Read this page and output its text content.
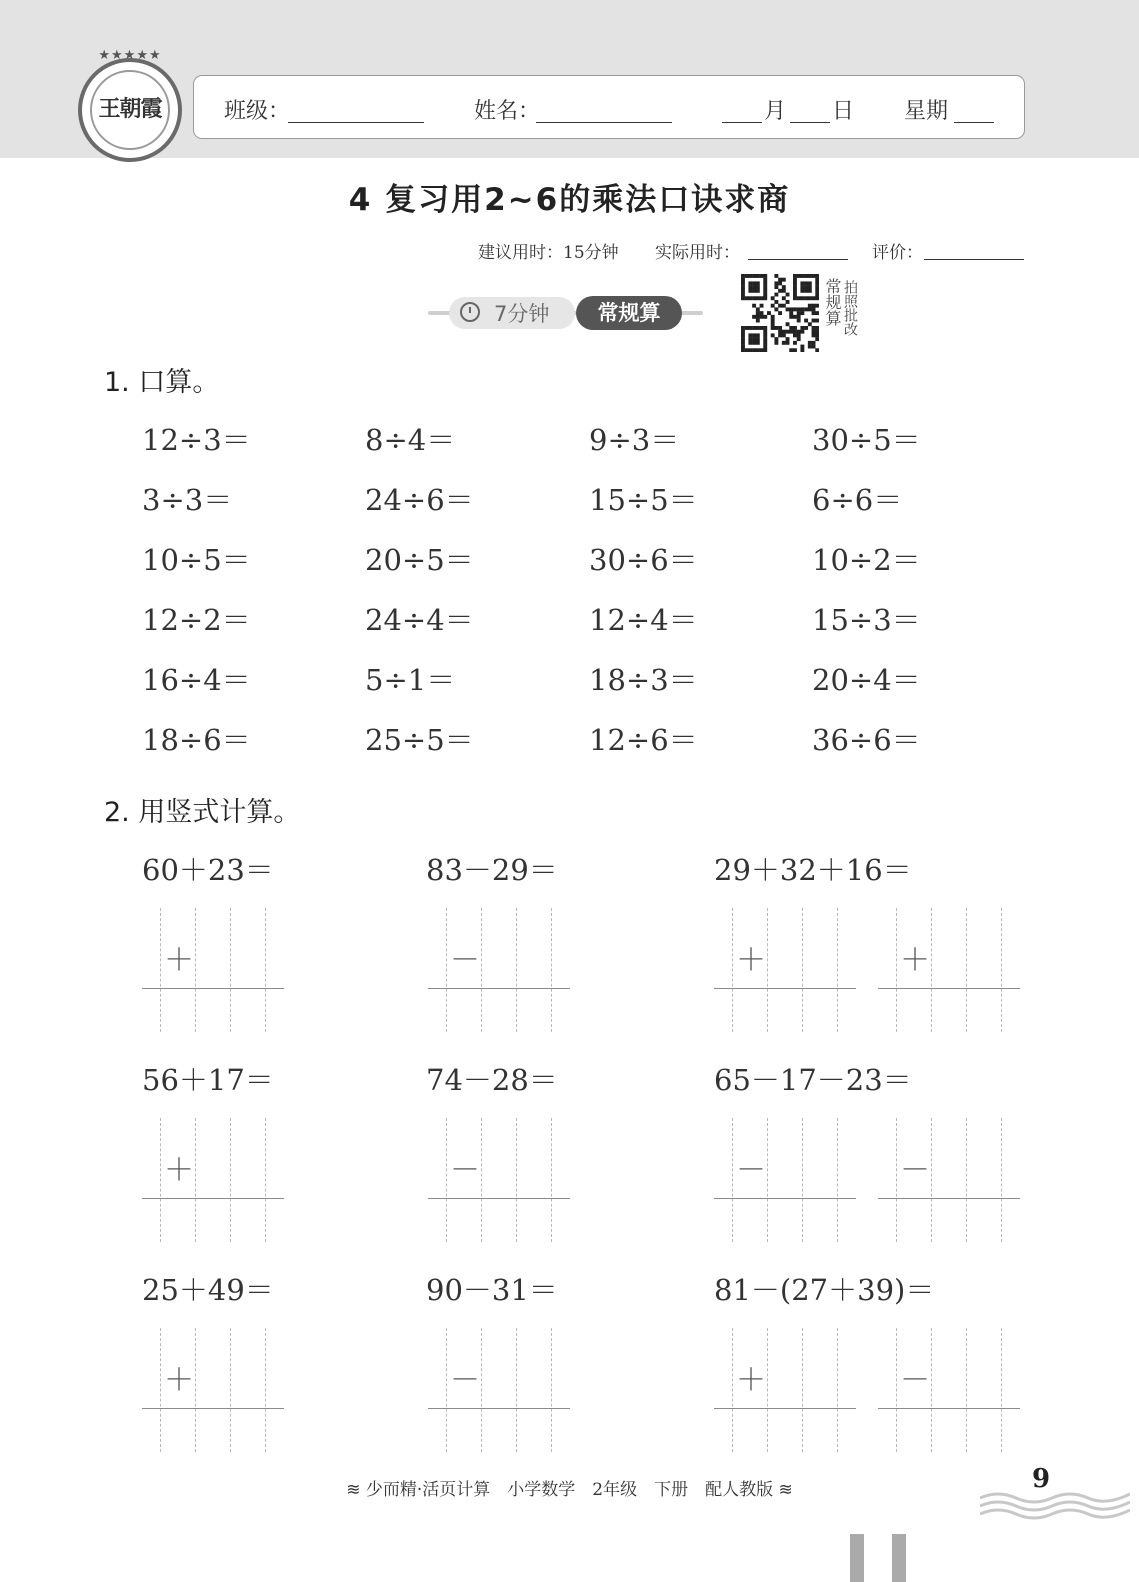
★★★★★
王朝霞	班级：	姓名：	月 日 星期
4 复习用2~6的乘法口诀求商
建议用时：15分钟 实际用时：	评价：
7分钟	常规算	常规算 拍照批改
1. 口算。
12÷3＝	8÷4＝	9÷3＝	30÷5＝
3÷3＝	24÷6＝	15÷5＝	6÷6＝
10÷5＝	20÷5＝	30÷6＝	10÷2＝
12÷2＝	24÷4＝	12÷4＝	15÷3＝
16÷4＝	5÷1＝	18÷3＝	20÷4＝
18÷6＝	25÷5＝	12÷6＝	36÷6＝
2. 用竖式计算。
60＋23＝	83－29＝	29＋32＋16＝
＋	－	＋	＋
56＋17＝	74－28＝	65－17－23＝
＋	－	－	－
25＋49＝	90－31＝	81－(27＋39)＝
＋	－	＋	－
≋ 少而精·活页计算　小学数学　2年级　下册　配人教版 ≋	9
